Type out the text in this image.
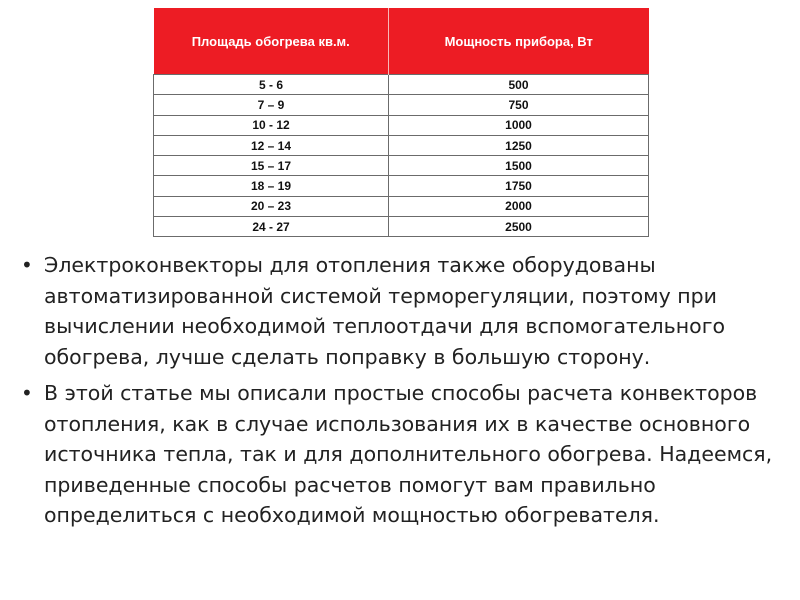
Площадь обогрева кв.м.	Мощность прибора, Вт
5 - 6	500
7 – 9	750
10 - 12	1000
12 – 14	1250
15 – 17	1500
18 – 19	1750
20 – 23	2000
24 - 27	2500
• Электроконвекторы для отопления также оборудованы автоматизированной системой терморегуляции, поэтому при вычислении необходимой теплоотдачи для вспомогательного обогрева, лучше сделать поправку в большую сторону.
• В этой статье мы описали простые способы расчета конвекторов отопления, как в случае использования их в качестве основного источника тепла, так и для дополнительного обогрева. Надеемся, приведенные способы расчетов помогут вам правильно определиться с необходимой мощностью обогревателя.
